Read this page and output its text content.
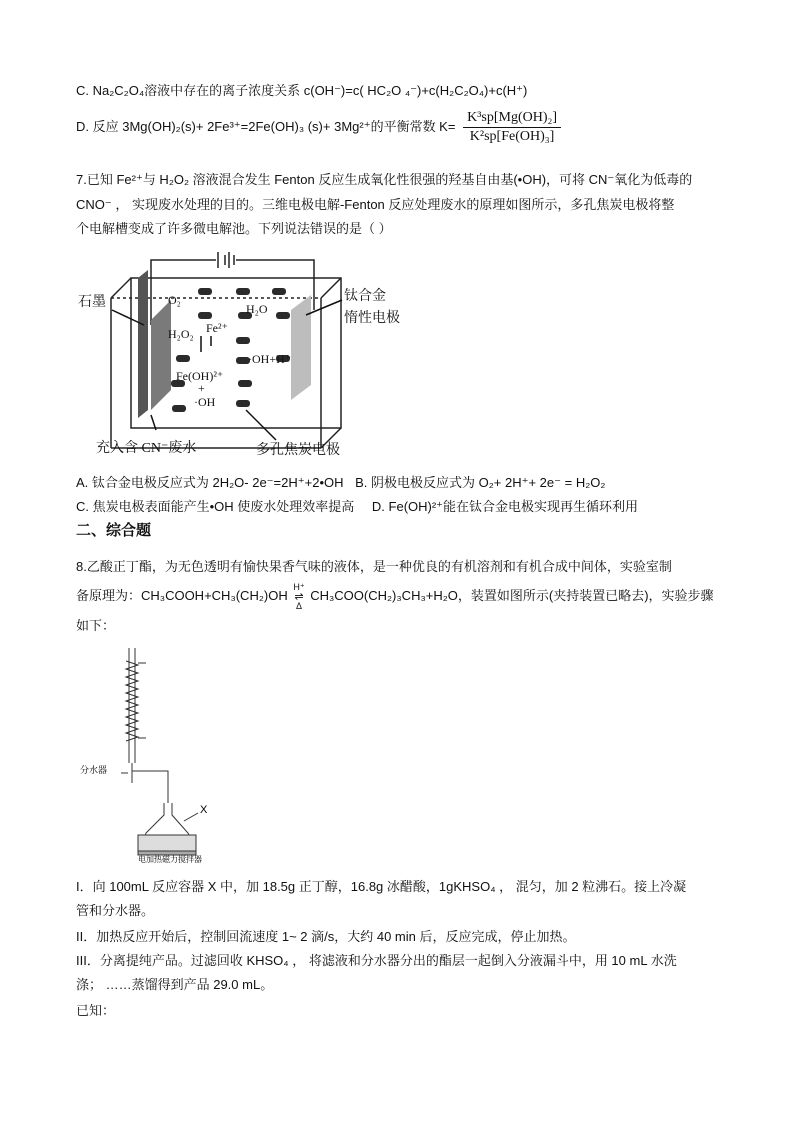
C. Na₂C₂O₄溶液中存在的离子浓度关系 c(OH⁻)=c( HC₂O ₄⁻)+c(H₂C₂O₄)+c(H⁺)
D. 反应 3Mg(OH)₂(s)+ 2Fe³⁺=2Fe(OH)₃ (s)+ 3Mg²⁺的平衡常数 $K= \frac{\text{K³sp[Mg(OH)₂]}}{\text{K²sp[Fe(OH)₃]}}$
7.已知 Fe²⁺与 H₂O₂ 溶液混合发生 Fenton 反应生成氧化性很强的羟基自由基(•OH)，可将 CN⁻氧化为低毒的
CNO⁻ ， 实现废水处理的目的。三维电极电解-Fenton 反应处理废水的原理如图所示，多孔焦炭电极将整
个电解槽变成了许多微电解池。下列说法错误的是（ ）
石墨	钛合金
惰性电极
O₂
H₂O₂ Fe²⁺
H₂O
·OH+H⁺
Fe(OH)²⁺
+
·OH
充入含 CN⁻废水	多孔焦炭电极
A. 钛合金电极反应式为 2H₂O- 2e⁻=2H⁺+2•OH B. 阴极电极反应式为 O₂+ 2H⁺+ 2e⁻ = H₂O₂
C. 焦炭电极表面能产生•OH 使废水处理效率提高 D. Fe(OH)²⁺能在钛合金电极实现再生循环利用
二、综合题
8.乙酸正丁酯，为无色透明有愉快果香气味的液体，是一种优良的有机溶剂和有机合成中间体，实验室制
备原理为：CH₃COOH+CH₃(CH₂)OH
H⁺
⇌
Δ
CH₃COO(CH₂)₃CH₃+H₂O，装置如图所示(夹持装置已略去)，实验步骤
如下：
分水器
X
电加热磁力搅拌器
I．向 100mL 反应容器 X 中，加 18.5g 正丁醇，16.8g 冰醋酸，1gKHSO₄ ， 混匀，加 2 粒沸石。接上冷凝
管和分水器。
II．加热反应开始后，控制回流速度 1~ 2 滴/s，大约 40 min 后，反应完成，停止加热。
III．分离提纯产品。过滤回收 KHSO₄ ， 将滤液和分水器分出的酯层一起倒入分液漏斗中，用 10 mL 水洗
涤； ……蒸馏得到产品 29.0 mL。
已知：
